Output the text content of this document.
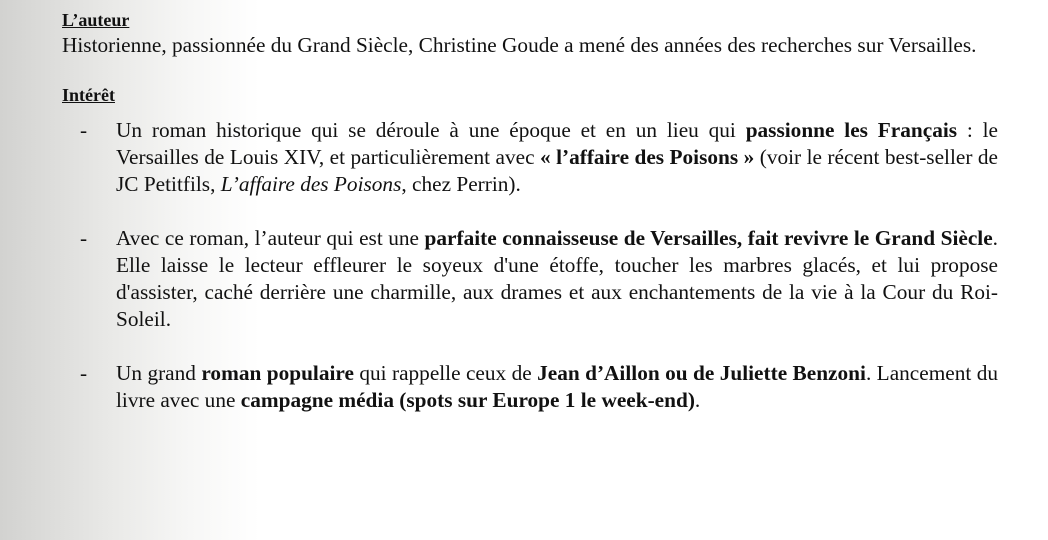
L’auteur

Historienne, passionnée du Grand Siècle, Christine Goude a mené des années des recherches sur Versailles.

Intérêt
- Un roman historique qui se déroule à une époque et en un lieu qui passionne les Français : le Versailles de Louis XIV, et particulièrement avec « l’affaire des Poisons » (voir le récent best-seller de JC Petitfils, L’affaire des Poisons, chez Perrin).
- Avec ce roman, l’auteur qui est une parfaite connaisseuse de Versailles, fait revivre le Grand Siècle. Elle laisse le lecteur effleurer le soyeux d'une étoffe, toucher les marbres glacés, et lui propose d'assister, caché derrière une charmille, aux drames et aux enchantements de la vie à la Cour du Roi-Soleil.
- Un grand roman populaire qui rappelle ceux de Jean d’Aillon ou de Juliette Benzoni. Lancement du livre avec une campagne média (spots sur Europe 1 le week-end).
